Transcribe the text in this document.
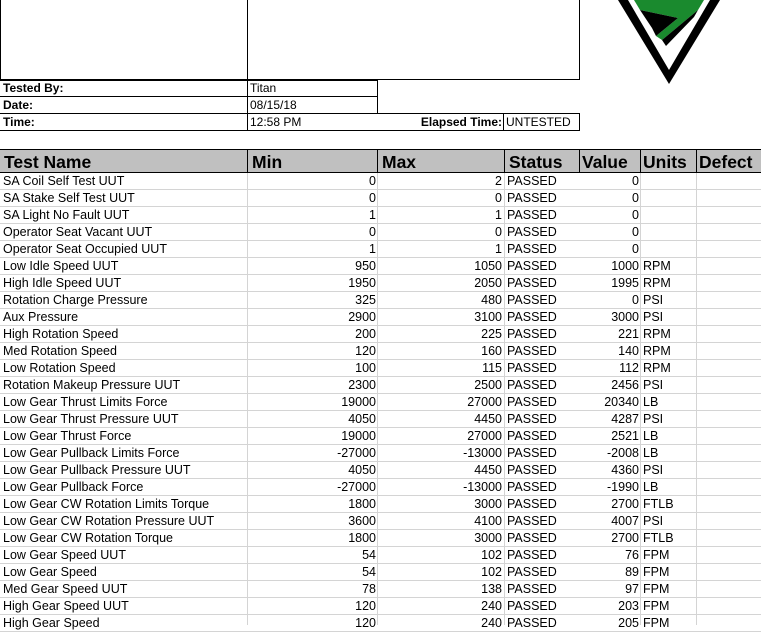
Tested By:	Titan
Date:	08/15/18
Time:	12:58 PM	Elapsed Time: UNTESTED
Test Name	Min	Max	Status	Value Units Defect
SA Coil Self Test UUT	0	2 PASSED	0
SA Stake Self Test UUT	0	0 PASSED	0
SA Light No Fault UUT	1	1 PASSED	0
Operator Seat Vacant UUT	0	0 PASSED	0
Operator Seat Occupied UUT	1	1 PASSED	0
Low Idle Speed UUT	950	1050 PASSED	1000 RPM
High Idle Speed UUT	1950	2050 PASSED	1995 RPM
Rotation Charge Pressure	325	480 PASSED	0 PSI
Aux Pressure	2900	3100 PASSED	3000 PSI
High Rotation Speed	200	225 PASSED	221 RPM
Med Rotation Speed	120	160 PASSED	140 RPM
Low Rotation Speed	100	115 PASSED	112 RPM
Rotation Makeup Pressure UUT	2300	2500 PASSED	2456 PSI
Low Gear Thrust Limits Force	19000	27000 PASSED	20340 LB
Low Gear Thrust Pressure UUT	4050	4450 PASSED	4287 PSI
Low Gear Thrust Force	19000	27000 PASSED	2521 LB
Low Gear Pullback Limits Force	-27000	-13000 PASSED	-2008 LB
Low Gear Pullback Pressure UUT	4050	4450 PASSED	4360 PSI
Low Gear Pullback Force	-27000	-13000 PASSED	-1990 LB
Low Gear CW Rotation Limits Torque	1800	3000 PASSED	2700 FTLB
Low Gear CW Rotation Pressure UUT	3600	4100 PASSED	4007 PSI
Low Gear CW Rotation Torque	1800	3000 PASSED	2700 FTLB
Low Gear Speed UUT	54	102 PASSED	76 FPM
Low Gear Speed	54	102 PASSED	89 FPM
Med Gear Speed UUT	78	138 PASSED	97 FPM
High Gear Speed UUT	120	240 PASSED	203 FPM
High Gear Speed	120	240 PASSED	205 FPM
